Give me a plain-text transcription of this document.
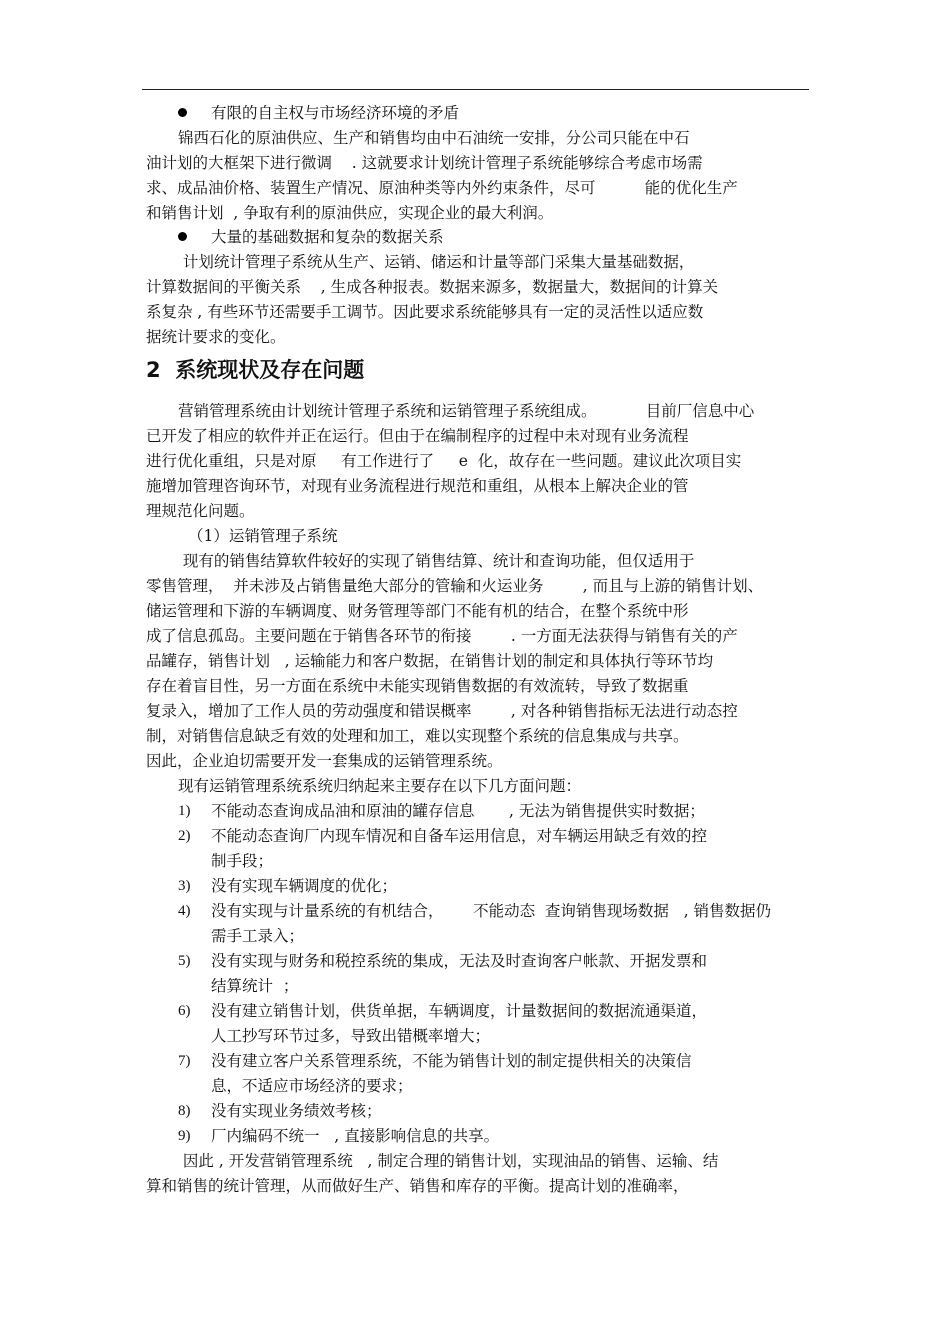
有限的自主权与市场经济环境的矛盾
锦西石化的原油供应、生产和销售均由中石油统一安排，分公司只能在中石
油计划的大框架下进行微调    . 这就要求计划统计管理子系统能够综合考虑市场需
求、成品油价格、装置生产情况、原油种类等内外约束条件，尽可          能的优化生产
和销售计划  , 争取有利的原油供应，实现企业的最大利润。
大量的基础数据和复杂的数据关系
计划统计管理子系统从生产、运销、储运和计量等部门采集大量基础数据，
计算数据间的平衡关系    , 生成各种报表。数据来源多，数据量大，数据间的计算关
系复杂 , 有些环节还需要手工调节。因此要求系统能够具有一定的灵活性以适应数
据统计要求的变化。
2  系统现状及存在问题
营销管理系统由计划统计管理子系统和运销管理子系统组成。          目前厂信息中心
已开发了相应的软件并正在运行。但由于在编制程序的过程中未对现有业务流程
进行优化重组，只是对原     有工作进行了     e  化，故存在一些问题。建议此次项目实
施增加管理咨询环节，对现有业务流程进行规范和重组，从根本上解决企业的管
理规范化问题。
（1）运销管理子系统
现有的销售结算软件较好的实现了销售结算、统计和查询功能，但仅适用于
零售管理，  并未涉及占销售量绝大部分的管输和火运业务        , 而且与上游的销售计划、
储运管理和下游的车辆调度、财务管理等部门不能有机的结合，在整个系统中形
成了信息孤岛。主要问题在于销售各环节的衔接        . 一方面无法获得与销售有关的产
品罐存，销售计划   , 运输能力和客户数据，在销售计划的制定和具体执行等环节均
存在着盲目性，另一方面在系统中未能实现销售数据的有效流转，导致了数据重
复录入，增加了工作人员的劳动强度和错误概率        , 对各种销售指标无法进行动态控
制，对销售信息缺乏有效的处理和加工，难以实现整个系统的信息集成与共享。
因此，企业迫切需要开发一套集成的运销管理系统。
现有运销管理系统系统归纳起来主要存在以下几方面问题：
1) 不能动态查询成品油和原油的罐存信息       , 无法为销售提供实时数据；
2) 不能动态查询厂内现车情况和自备车运用信息，对车辆运用缺乏有效的控
制手段；
3) 没有实现车辆调度的优化；
4) 没有实现与计量系统的有机结合，      不能动态  查询销售现场数据   , 销售数据仍
需手工录入；
5) 没有实现与财务和税控系统的集成，无法及时查询客户帐款、开据发票和
结算统计  ；
6) 没有建立销售计划，供货单据，车辆调度，计量数据间的数据流通渠道，
人工抄写环节过多，导致出错概率增大；
7) 没有建立客户关系管理系统，不能为销售计划的制定提供相关的决策信
息，不适应市场经济的要求；
8) 没有实现业务绩效考核；
9) 厂内编码不统一   , 直接影响信息的共享。
因此 , 开发营销管理系统   , 制定合理的销售计划，实现油品的销售、运输、结
算和销售的统计管理，从而做好生产、销售和库存的平衡。提高计划的准确率，
